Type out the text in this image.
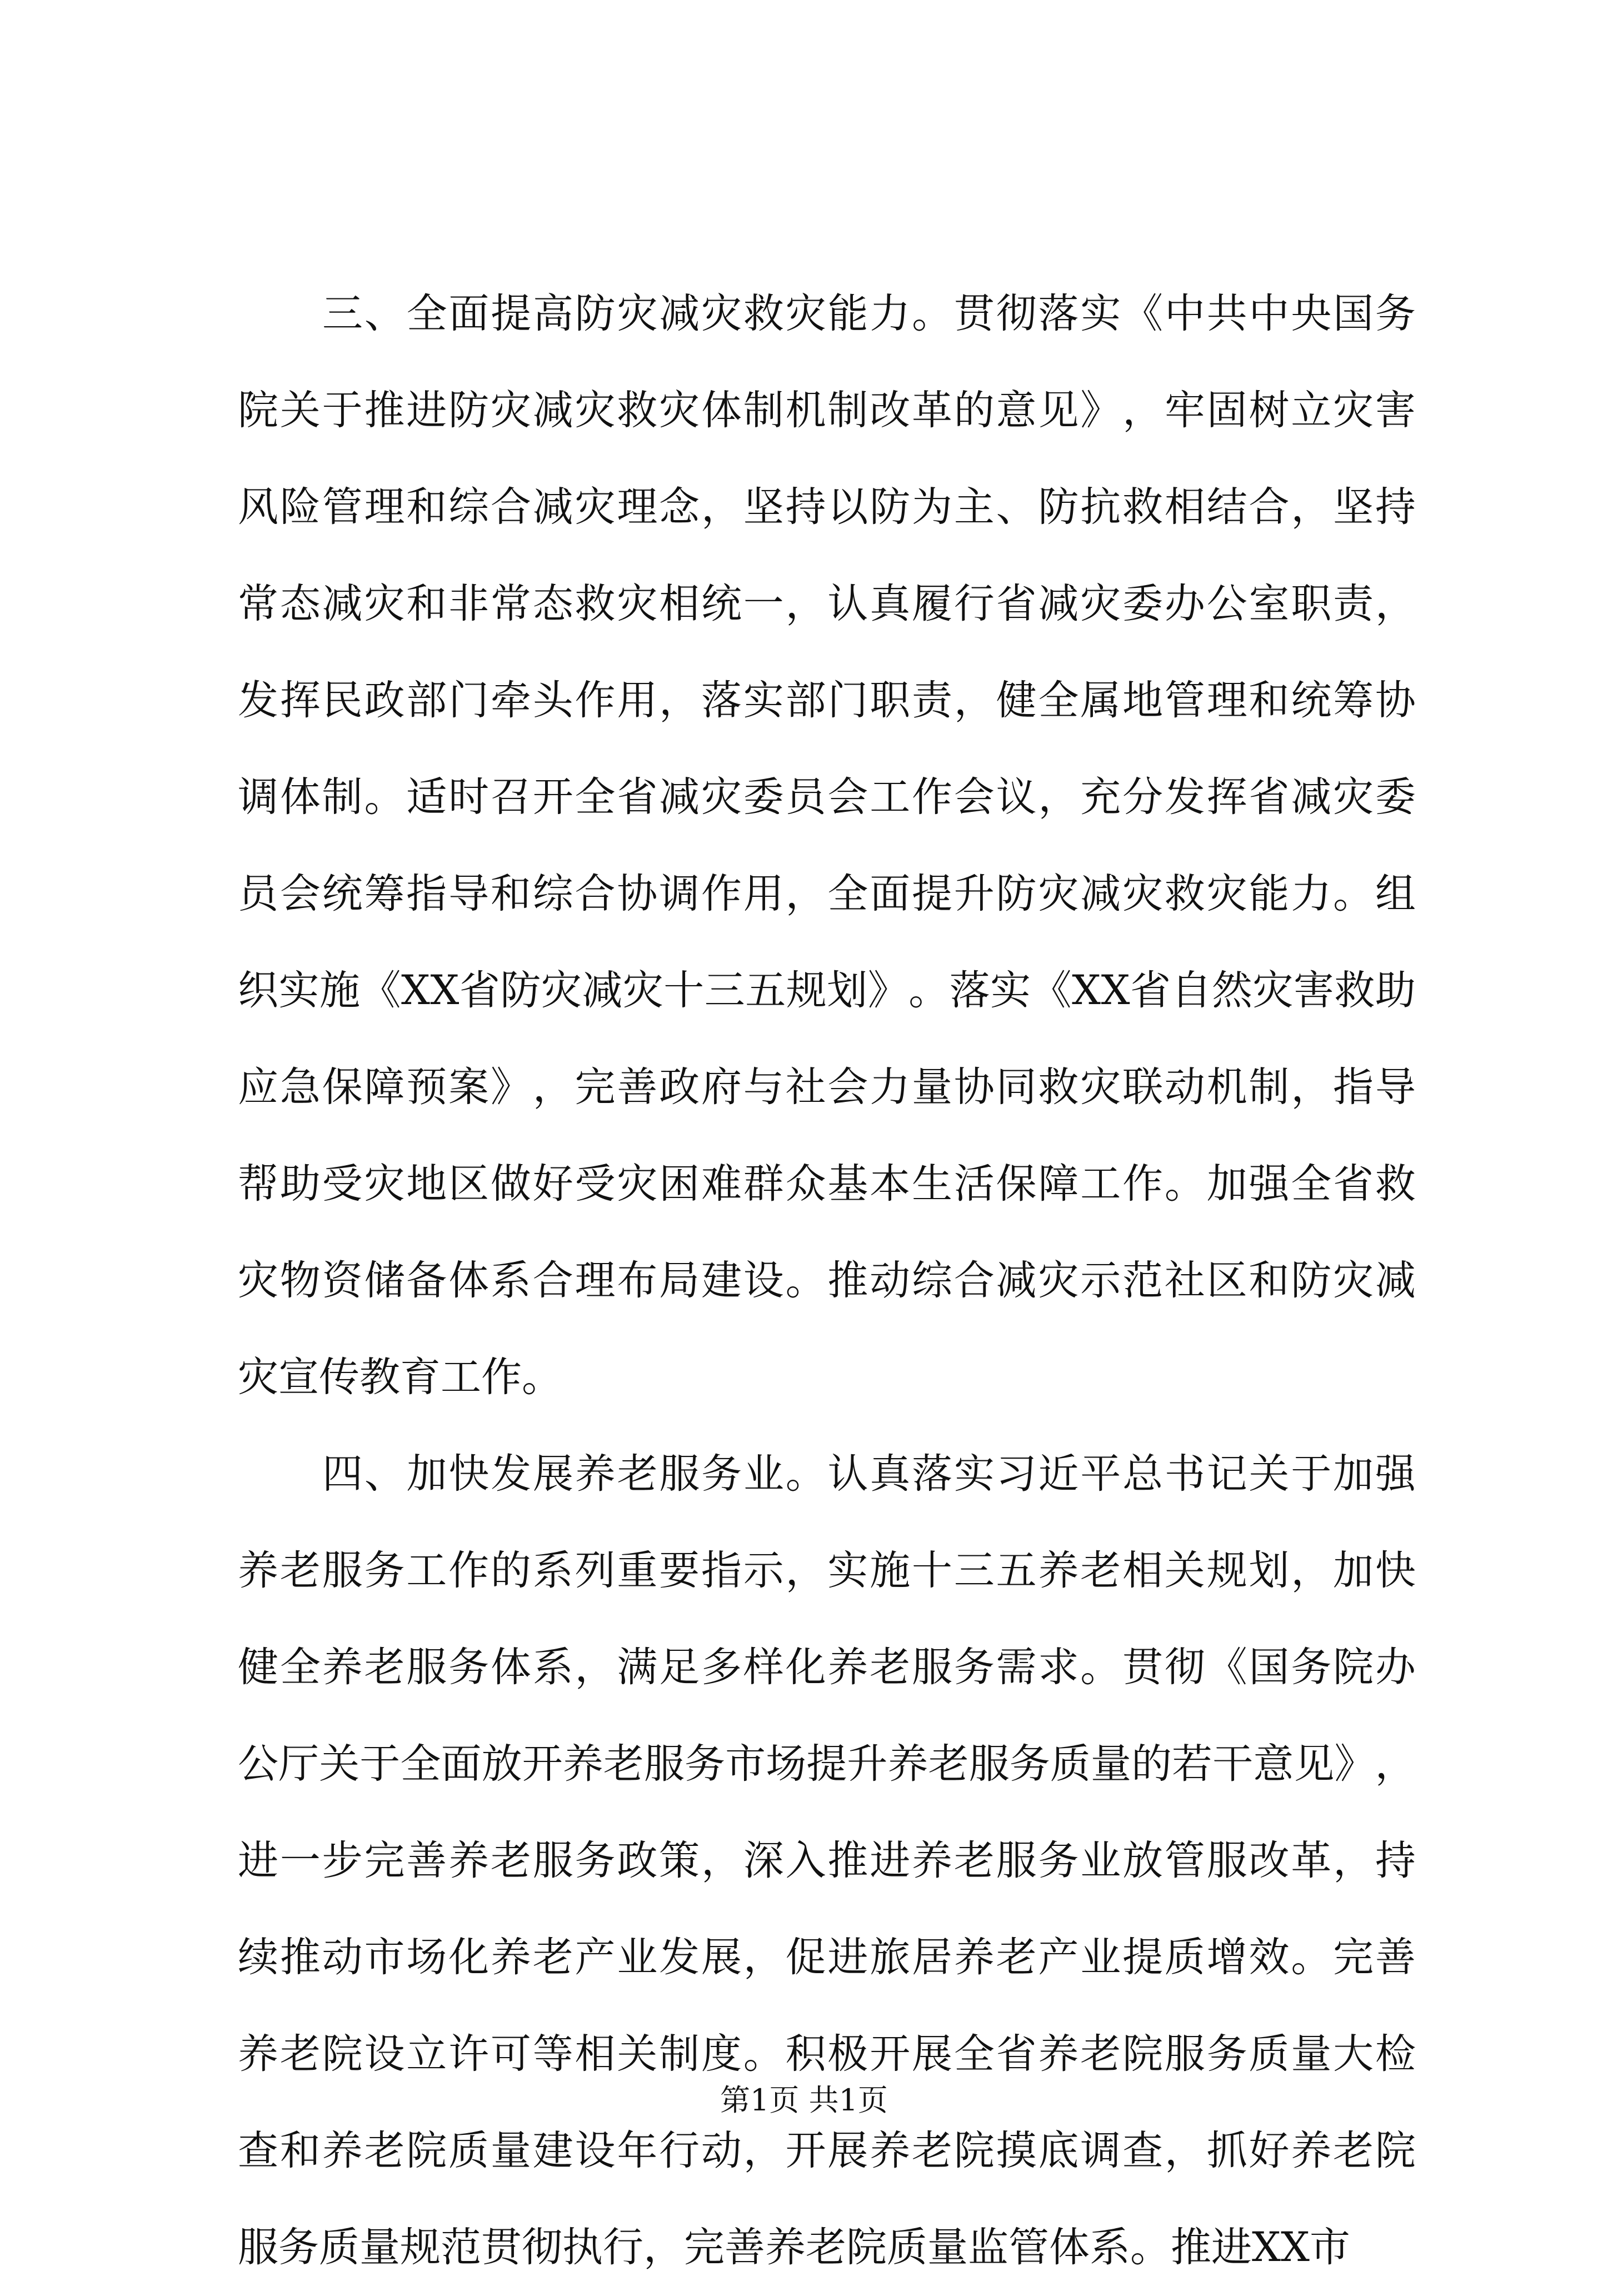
三 、 全 面 提 高 防 灾 减 灾 救 灾 能 力 。 贯 彻 落 实 《 中 共 中 央 国 务
院 关 于 推 进 防 灾 减 灾 救 灾 体 制 机 制 改 革 的 意 见 》 ， 牢 固 树 立 灾 害
风 险 管 理 和 综 合 减 灾 理 念 ， 坚 持 以 防 为 主 、 防 抗 救 相 结 合 ， 坚 持
常 态 减 灾 和 非 常 态 救 灾 相 统 一 ， 认 真 履 行 省 减 灾 委 办 公 室 职 责 ，
发 挥 民 政 部 门 牵 头 作 用 ， 落 实 部 门 职 责 ， 健 全 属 地 管 理 和 统 筹 协
调 体 制 。 适 时 召 开 全 省 减 灾 委 员 会 工 作 会 议 ， 充 分 发 挥 省 减 灾 委
员 会 统 筹 指 导 和 综 合 协 调 作 用 ， 全 面 提 升 防 灾 减 灾 救 灾 能 力 。 组
织 实 施 《 X X 省 防 灾 减 灾 十 三 五 规 划 》 。 落 实 《 X X 省 自 然 灾 害 救 助
应 急 保 障 预 案 》 ， 完 善 政 府 与 社 会 力 量 协 同 救 灾 联 动 机 制 ， 指 导
帮 助 受 灾 地 区 做 好 受 灾 困 难 群 众 基 本 生 活 保 障 工 作 。 加 强 全 省 救
灾 物 资 储 备 体 系 合 理 布 局 建 设 。 推 动 综 合 减 灾 示 范 社 区 和 防 灾 减
灾宣传教育工作。
四 、 加 快 发 展 养 老 服 务 业 。 认 真 落 实 习 近 平 总 书 记 关 于 加 强
养 老 服 务 工 作 的 系 列 重 要 指 示 ， 实 施 十 三 五 养 老 相 关 规 划 ， 加 快
健 全 养 老 服 务 体 系 ， 满 足 多 样 化 养 老 服 务 需 求 。 贯 彻 《 国 务 院 办
公 厅 关 于 全 面 放 开 养 老 服 务 市 场 提 升 养 老 服 务 质 量 的 若 干 意 见 》 ，
进 一 步 完 善 养 老 服 务 政 策 ， 深 入 推 进 养 老 服 务 业 放 管 服 改 革 ， 持
续 推 动 市 场 化 养 老 产 业 发 展 ， 促 进 旅 居 养 老 产 业 提 质 增 效 。 完 善
养 老 院 设 立 许 可 等 相 关 制 度 。 积 极 开 展 全 省 养 老 院 服 务 质 量 大 检
查 和 养 老 院 质 量 建 设 年 行 动 ， 开 展 养 老 院 摸 底 调 查 ， 抓 好 养 老 院
服务质量规范贯彻执行，完善养老院质量监管体系。推进XX市
第1页 共1页
